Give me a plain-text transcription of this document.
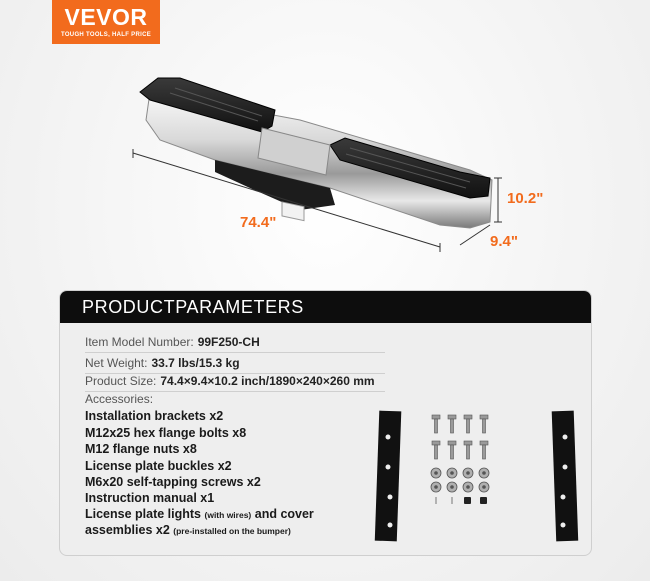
VEVOR
TOUGH TOOLS, HALF PRICE
74.4"
10.2"
9.4"
PRODUCTPARAMETERS
Item Model Number: 99F250-CH
Net Weight: 33.7 lbs/15.3 kg
Product Size: 74.4×9.4×10.2 inch/1890×240×260 mm
Accessories:
Installation brackets x2
M12x25 hex flange bolts x8
M12 flange nuts x8
License plate buckles x2
M6x20 self-tapping screws x2
Instruction manual x1
License plate lights (with wires) and cover
assemblies x2 (pre-installed on the bumper)
